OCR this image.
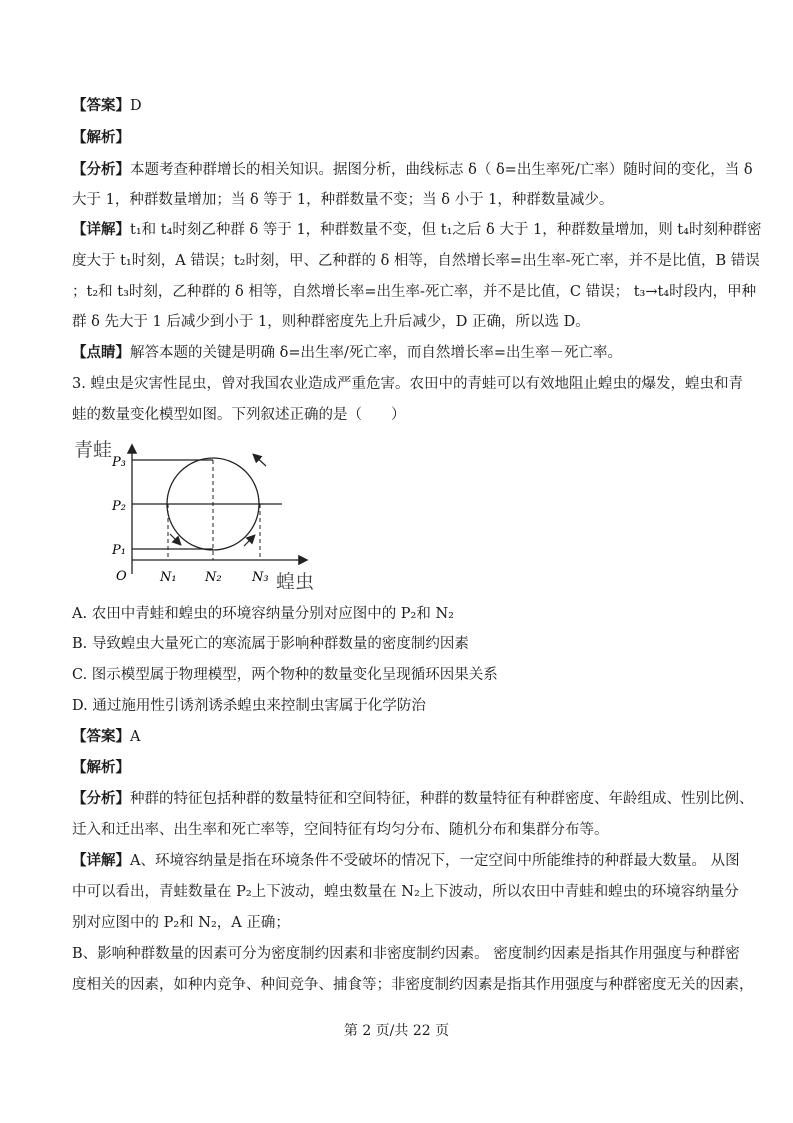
【答案】D
【解析】
【分析】本题考查种群增长的相关知识。据图分析，曲线标志 δ（ δ=出生率死/亡率）随时间的变化，当 δ
大于 1，种群数量增加；当 δ 等于 1，种群数量不变；当 δ 小于 1，种群数量减少。
【详解】t₁和 t₄时刻乙种群 δ 等于 1，种群数量不变，但 t₁之后 δ 大于 1，种群数量增加，则 t₄时刻种群密
度大于 t₁时刻，A 错误；t₂时刻，甲、乙种群的 δ 相等，自然增长率=出生率-死亡率，并不是比值，B 错误
；t₂和 t₃时刻，乙种群的 δ 相等，自然增长率=出生率-死亡率，并不是比值，C 错误； t₃→t₄时段内，甲种
群 δ 先大于 1 后减少到小于 1，则种群密度先上升后减少，D 正确，所以选 D。
【点睛】解答本题的关键是明确 δ=出生率/死亡率，而自然增长率=出生率－死亡率。
3. 蝗虫是灾害性昆虫，曾对我国农业造成严重危害。农田中的青蛙可以有效地阻止蝗虫的爆发，蝗虫和青
蛙的数量变化模型如图。下列叙述正确的是（　　）
青蛙
P₃
P₂
P₁
O	N₁ N₂ N₃ 蝗虫
A. 农田中青蛙和蝗虫的环境容纳量分别对应图中的 P₂和 N₂
B. 导致蝗虫大量死亡的寒流属于影响种群数量的密度制约因素
C. 图示模型属于物理模型，两个物种的数量变化呈现循环因果关系
D. 通过施用性引诱剂诱杀蝗虫来控制虫害属于化学防治
【答案】A
【解析】
【分析】种群的特征包括种群的数量特征和空间特征，种群的数量特征有种群密度、年龄组成、性别比例、
迁入和迁出率、出生率和死亡率等，空间特征有均匀分布、随机分布和集群分布等。
【详解】A、环境容纳量是指在环境条件不受破坏的情况下，一定空间中所能维持的种群最大数量。 从图
中可以看出，青蛙数量在 P₂上下波动，蝗虫数量在 N₂上下波动，所以农田中青蛙和蝗虫的环境容纳量分
别对应图中的 P₂和 N₂，A 正确；
B、影响种群数量的因素可分为密度制约因素和非密度制约因素。 密度制约因素是指其作用强度与种群密
度相关的因素，如种内竞争、种间竞争、捕食等；非密度制约因素是指其作用强度与种群密度无关的因素，
第 2 页/共 22 页
